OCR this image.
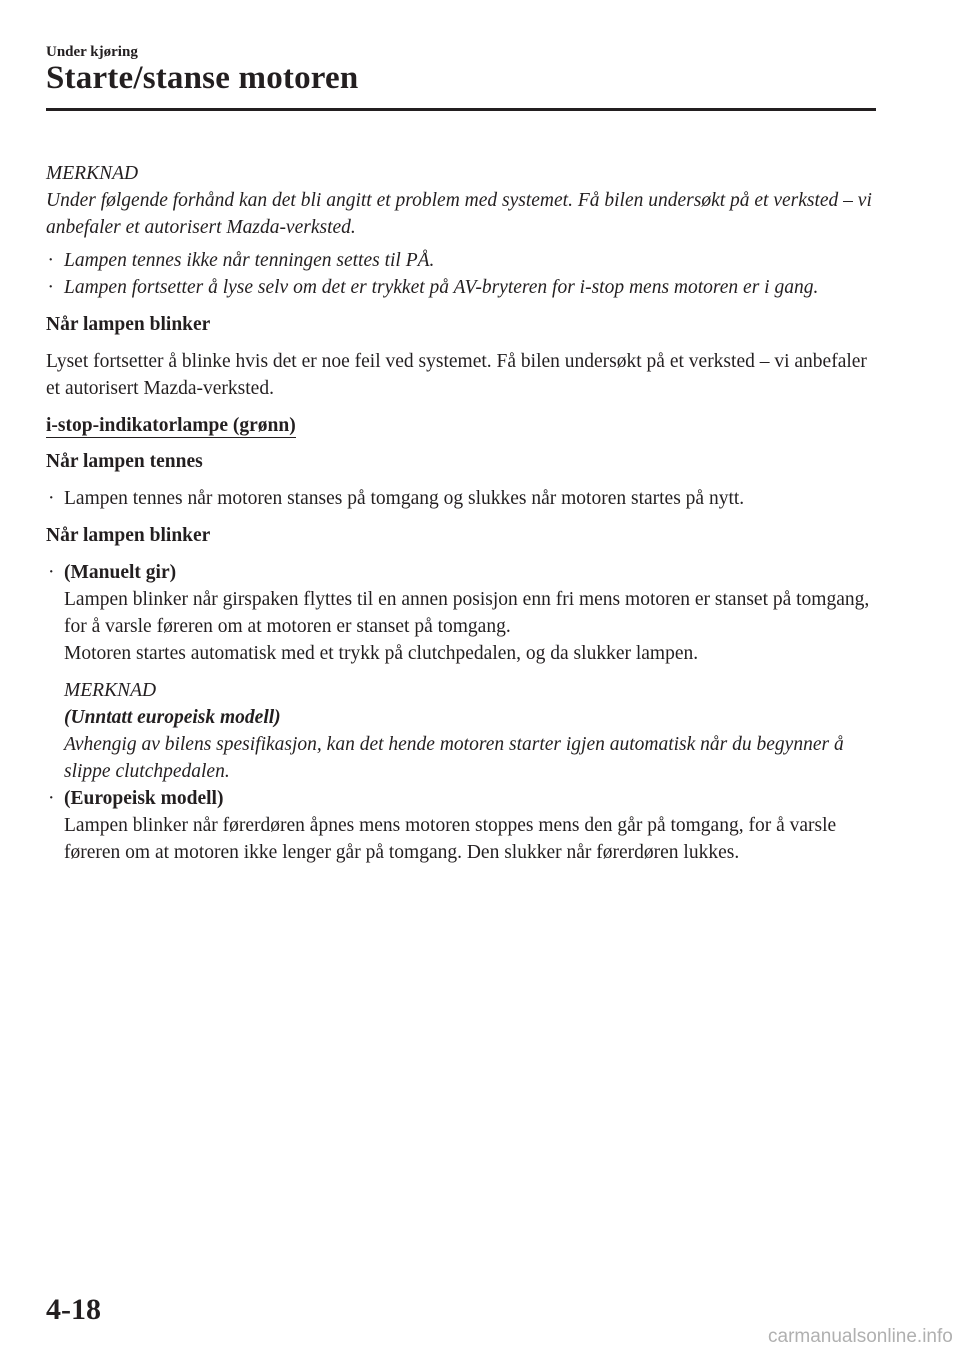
Under kjøring
Starte/stanse motoren

MERKNAD

Under følgende forhånd kan det bli angitt et problem med systemet. Få bilen undersøkt på et verksted – vi anbefaler et autorisert Mazda-verksted.

· Lampen tennes ikke når tenningen settes til PÅ.

· Lampen fortsetter å lyse selv om det er trykket på AV-bryteren for i-stop mens motoren er i gang.

Når lampen blinker

Lyset fortsetter å blinke hvis det er noe feil ved systemet. Få bilen undersøkt på et verksted – vi anbefaler et autorisert Mazda-verksted.

i-stop-indikatorlampe (grønn)

Når lampen tennes

· Lampen tennes når motoren stanses på tomgang og slukkes når motoren startes på nytt.

Når lampen blinker

· (Manuelt gir)

Lampen blinker når girspaken flyttes til en annen posisjon enn fri mens motoren er stanset på tomgang, for å varsle føreren om at motoren er stanset på tomgang.

Motoren startes automatisk med et trykk på clutchpedalen, og da slukker lampen.

MERKNAD

(Unntatt europeisk modell)

Avhengig av bilens spesifikasjon, kan det hende motoren starter igjen automatisk når du begynner å slippe clutchpedalen.

· (Europeisk modell)

Lampen blinker når førerdøren åpnes mens motoren stoppes mens den går på tomgang, for å varsle føreren om at motoren ikke lenger går på tomgang. Den slukker når førerdøren lukkes.

4-18
carmanualsonline.info
